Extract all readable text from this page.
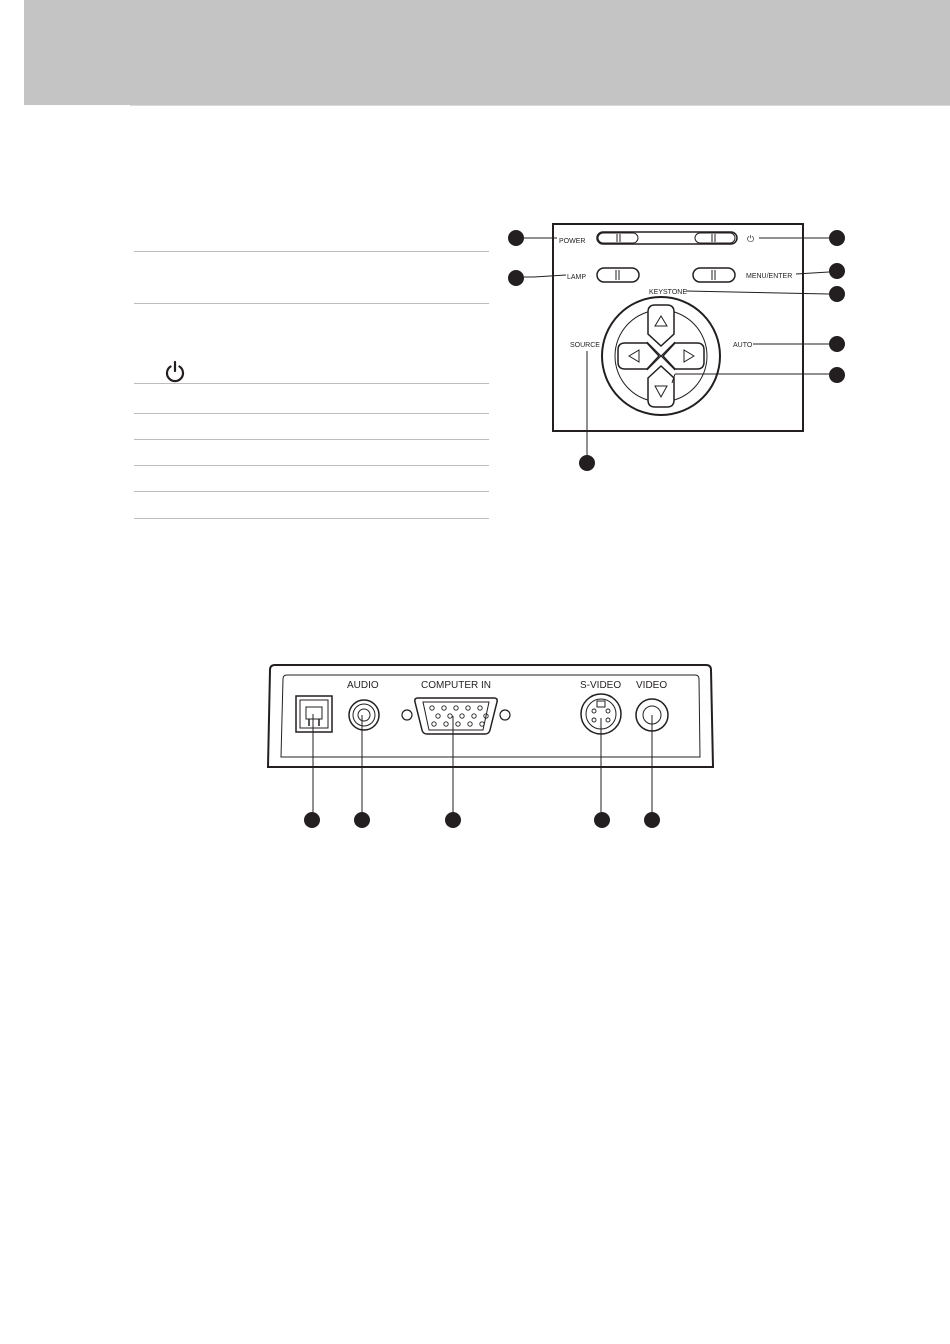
POWER	⏻
LAMP	MENU/ENTER
KEYSTONE
SOURCE	AUTO
AUDIO	COMPUTER IN	S-VIDEO VIDEO
